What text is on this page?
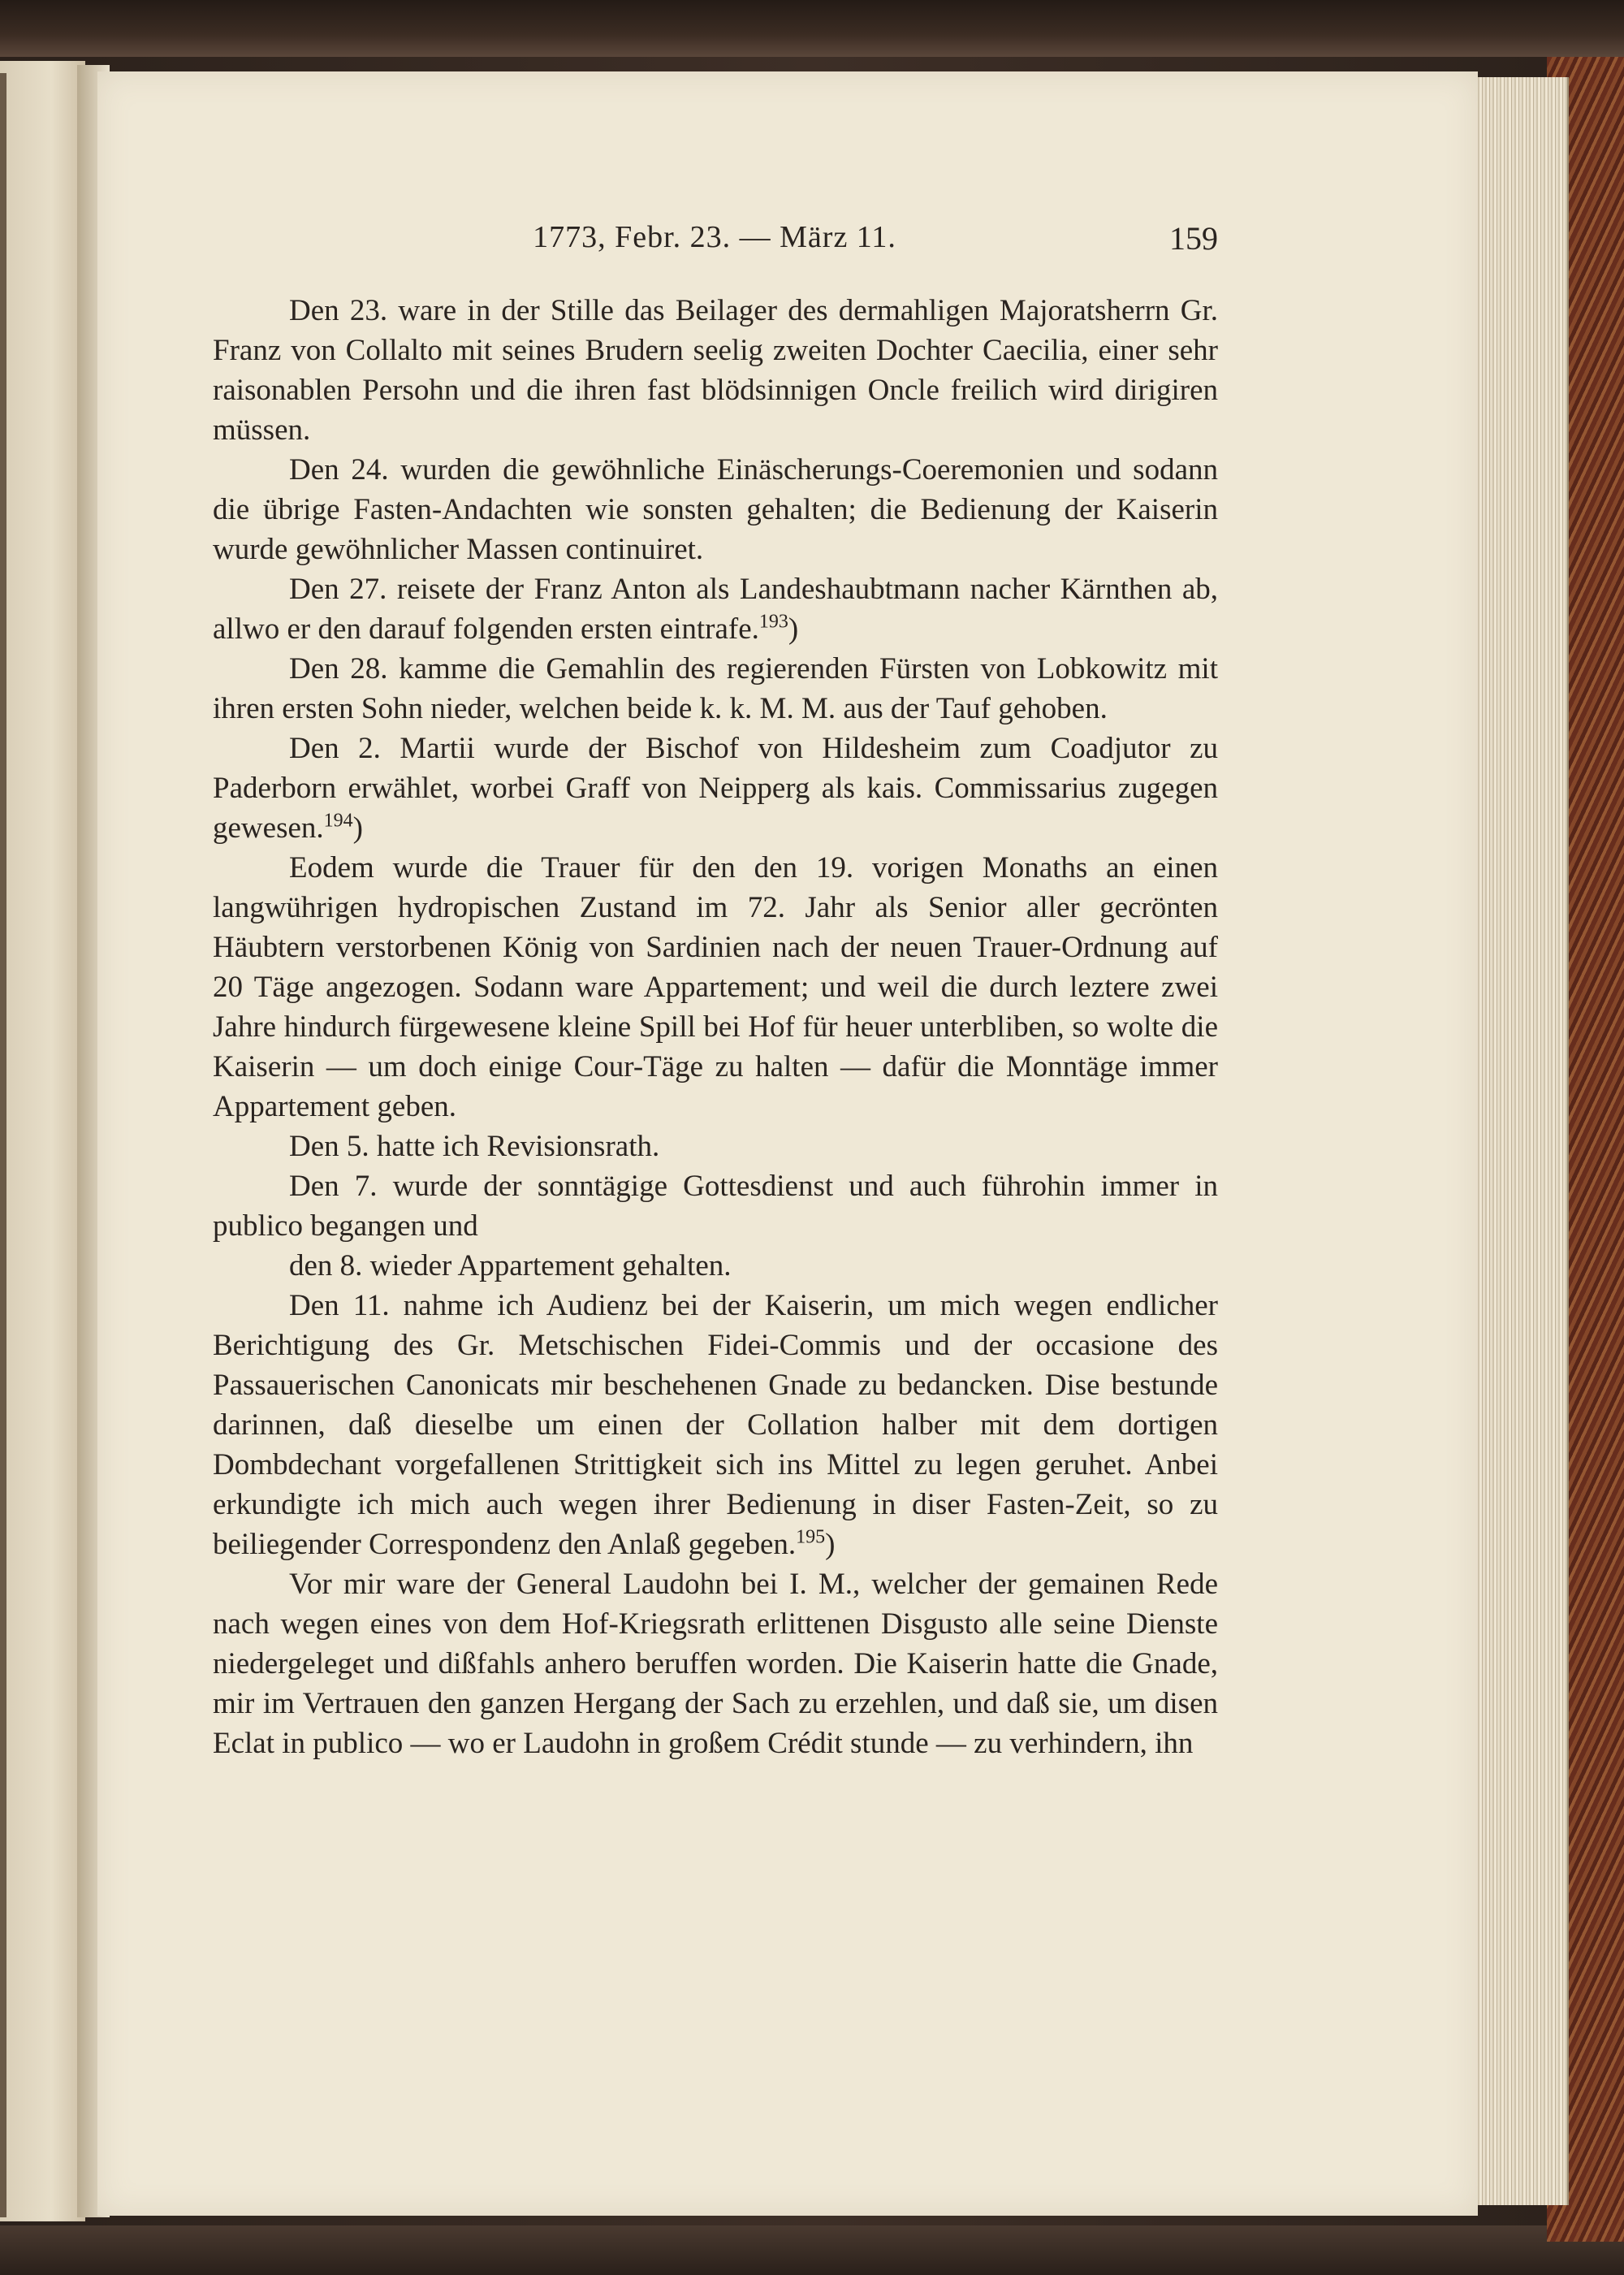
1773, Febr. 23. — März 11.	159

Den 23. ware in der Stille das Beilager des dermahligen Majoratsherrn Gr. Franz von Collalto mit seines Brudern seelig zweiten Dochter Caecilia, einer sehr raisonablen Persohn und die ihren fast blödsinnigen Oncle freilich wird dirigiren müssen.

Den 24. wurden die gewöhnliche Einäscherungs-Coeremonien und sodann die übrige Fasten-Andachten wie sonsten gehalten; die Bedienung der Kaiserin wurde gewöhnlicher Massen continuiret.

Den 27. reisete der Franz Anton als Landeshaubtmann nacher Kärnthen ab, allwo er den darauf folgenden ersten eintrafe.$^{193}$)

Den 28. kamme die Gemahlin des regierenden Fürsten von Lobkowitz mit ihren ersten Sohn nieder, welchen beide k. k. M. M. aus der Tauf gehoben.

Den 2. Martii wurde der Bischof von Hildesheim zum Coadjutor zu Paderborn erwählet, worbei Graff von Neipperg als kais. Commissarius zugegen gewesen.$^{194}$)

Eodem wurde die Trauer für den den 19. vorigen Monaths an einen langwührigen hydropischen Zustand im 72. Jahr als Senior aller gecrönten Häubtern verstorbenen König von Sardinien nach der neuen Trauer-Ordnung auf 20 Täge angezogen. Sodann ware Appartement; und weil die durch leztere zwei Jahre hindurch fürgewesene kleine Spill bei Hof für heuer unterbliben, so wolte die Kaiserin — um doch einige Cour-Täge zu halten — dafür die Monntäge immer Appartement geben.

Den 5. hatte ich Revisionsrath.

Den 7. wurde der sonntägige Gottesdienst und auch führohin immer in publico begangen und

den 8. wieder Appartement gehalten.

Den 11. nahme ich Audienz bei der Kaiserin, um mich wegen endlicher Berichtigung des Gr. Metschischen Fidei-Commis und der occasione des Passauerischen Canonicats mir beschehenen Gnade zu bedancken. Dise bestunde darinnen, daß dieselbe um einen der Collation halber mit dem dortigen Dombdechant vorgefallenen Strittigkeit sich ins Mittel zu legen geruhet. Anbei erkundigte ich mich auch wegen ihrer Bedienung in diser Fasten-Zeit, so zu beiliegender Correspondenz den Anlaß gegeben.$^{195}$)

Vor mir ware der General Laudohn bei I. M., welcher der gemainen Rede nach wegen eines von dem Hof-Kriegsrath erlittenen Disgusto alle seine Dienste niedergeleget und dißfahls anhero beruffen worden. Die Kaiserin hatte die Gnade, mir im Vertrauen den ganzen Hergang der Sach zu erzehlen, und daß sie, um disen Eclat in publico — wo er Laudohn in großem Crédit stunde — zu verhindern, ihn
